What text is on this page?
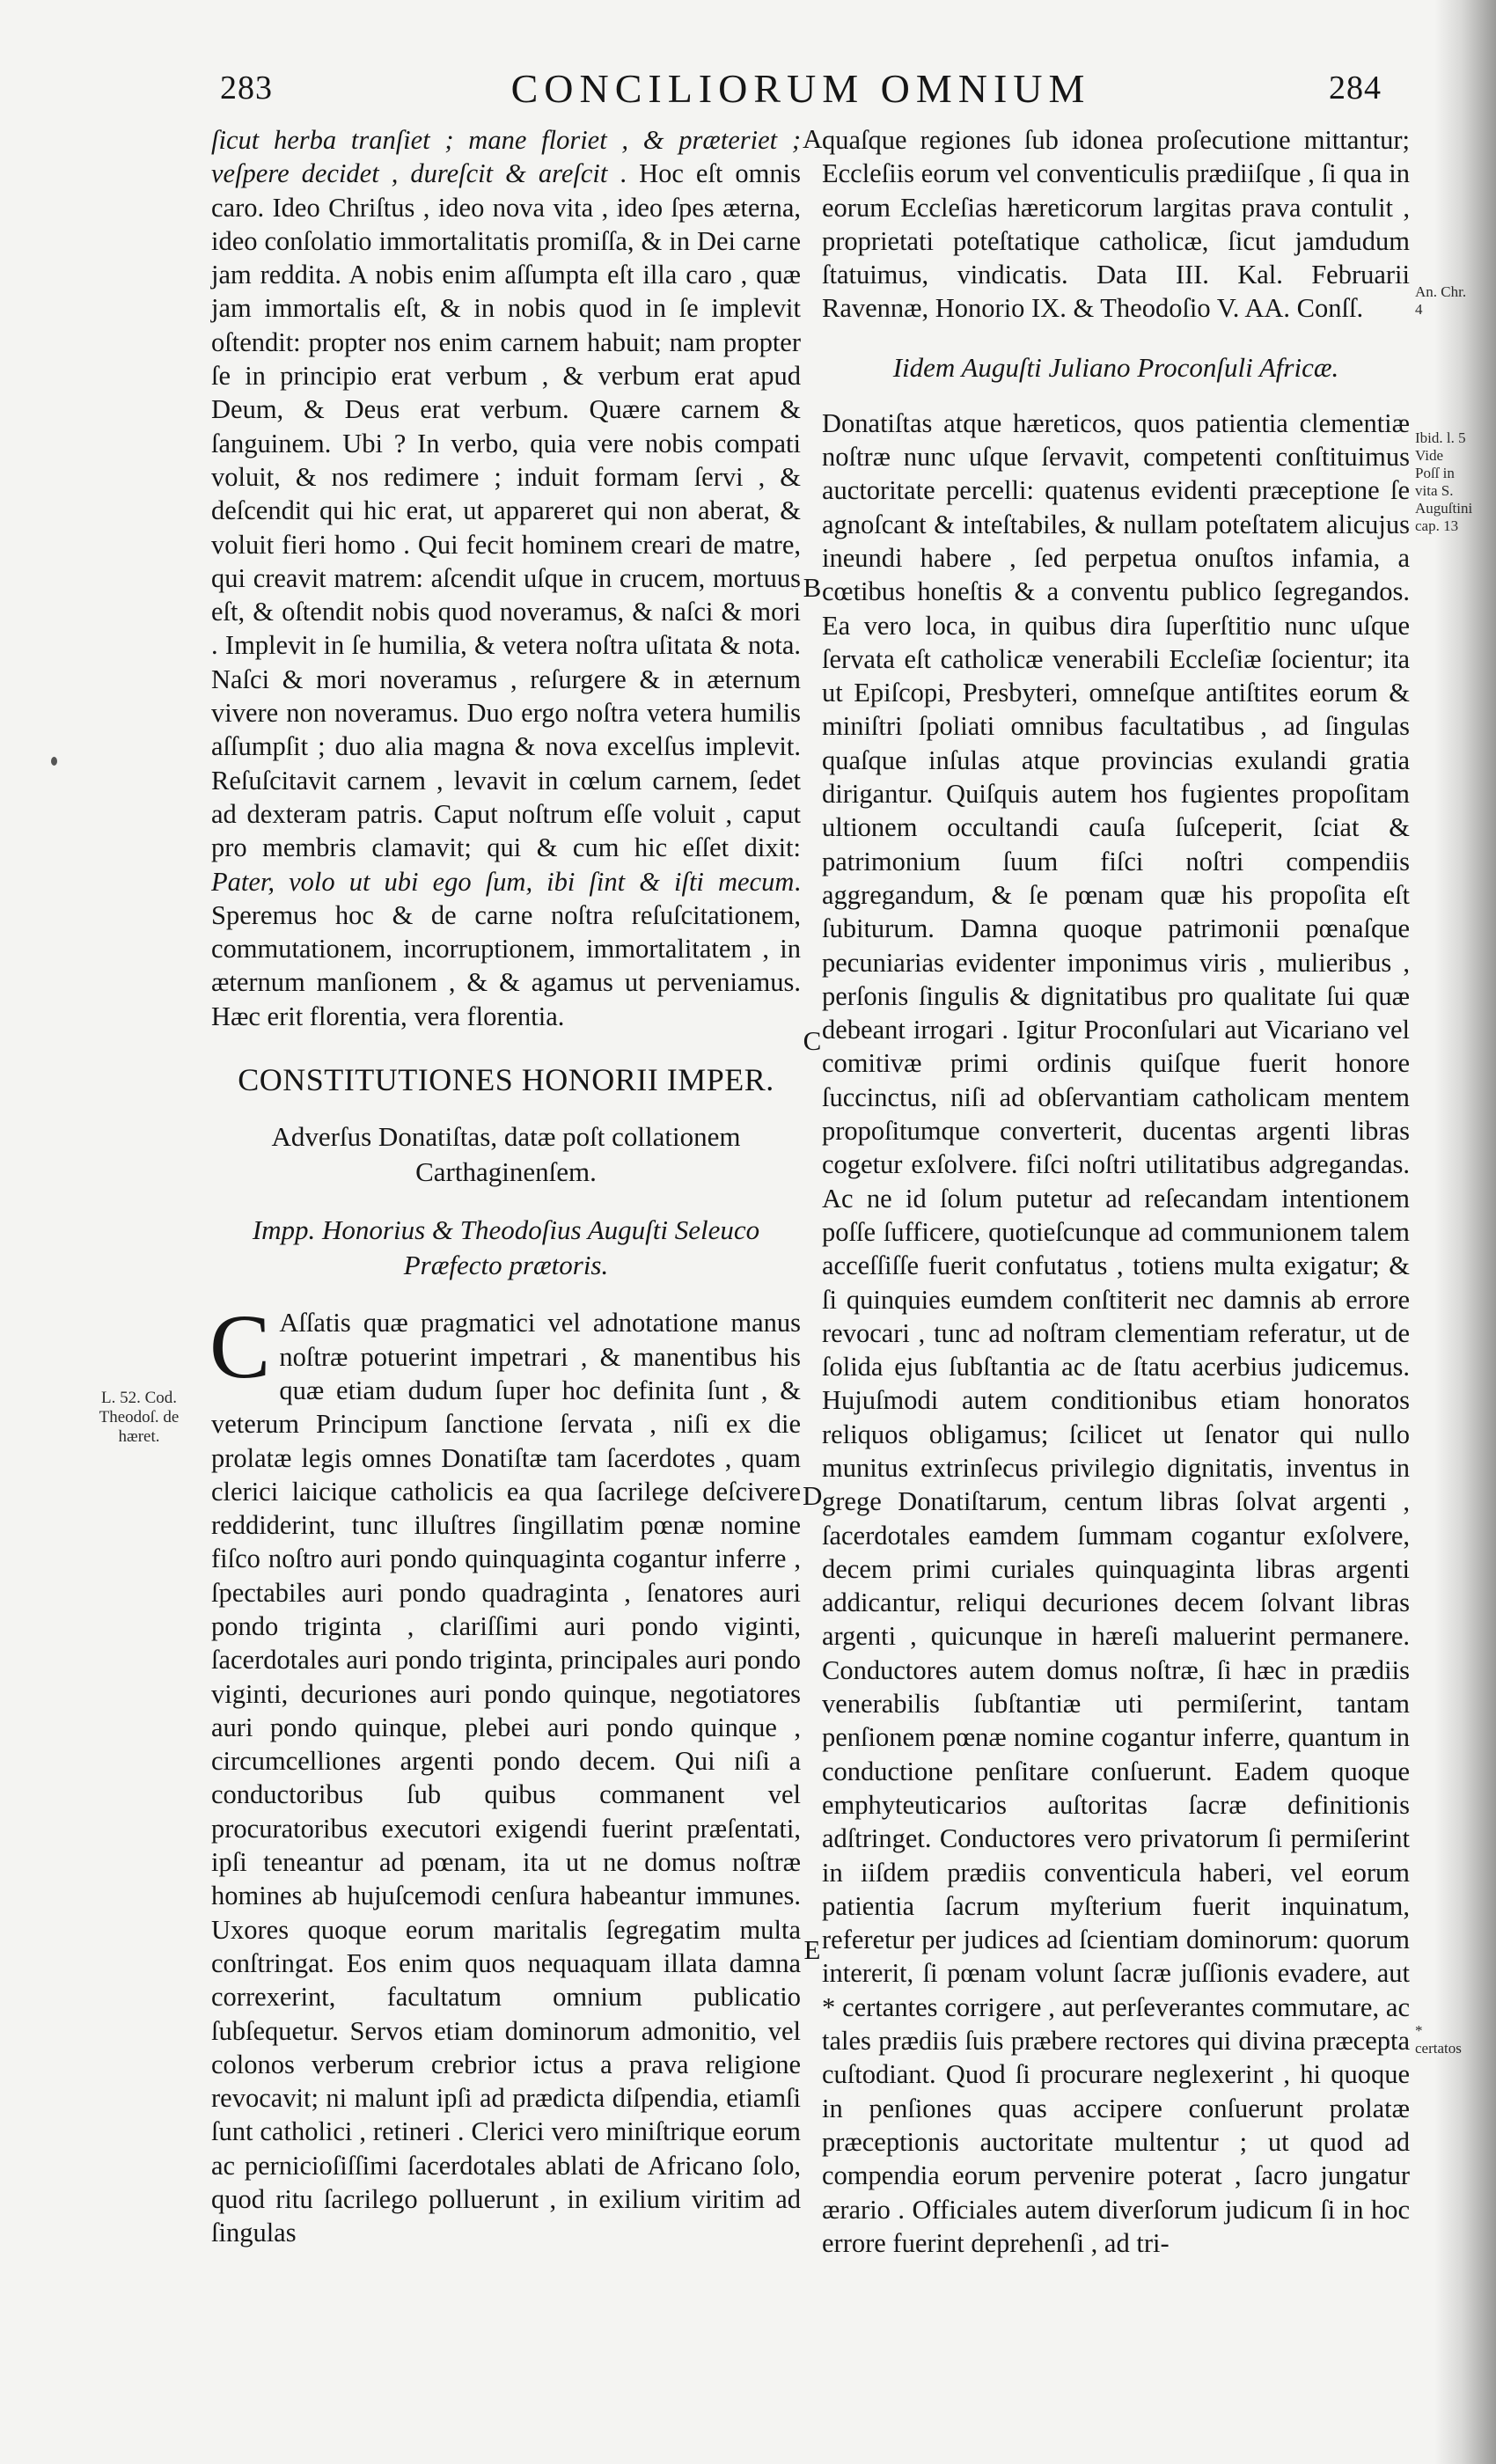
283	CONCILIORUM OMNIUM	284
A
B
C
D
E
L. 52. Cod. Theodoſ. de hæret.
An. Chr. 4
Ibid. l. 5 Vide Poſſ in vita S. Auguſtini cap. 13
* certatos

ſicut herba tranſiet ; mane floriet , & præteriet ; veſpere decidet , dureſcit & areſcit . Hoc eſt omnis caro. Ideo Chriſtus , ideo nova vita , ideo ſpes æterna, ideo conſolatio immortalitatis promiſſa, & in Dei carne jam reddita. A nobis enim aſſumpta eſt illa caro , quæ jam immortalis eſt, & in nobis quod in ſe implevit oſtendit: propter nos enim carnem habuit; nam propter ſe in principio erat verbum , & verbum erat apud Deum, & Deus erat verbum. Quære carnem & ſanguinem. Ubi ? In verbo, quia vere nobis compati voluit, & nos redimere ; induit formam ſervi , & deſcendit qui hic erat, ut appareret qui non aberat, & voluit fieri homo . Qui fecit hominem creari de matre, qui creavit matrem: aſcendit uſque in crucem, mortuus eſt, & oſtendit nobis quod noveramus, & naſci & mori . Implevit in ſe humilia, & vetera noſtra uſitata & nota. Naſci & mori noveramus , reſurgere & in æternum vivere non noveramus. Duo ergo noſtra vetera humilis aſſumpſit ; duo alia magna & nova excelſus implevit. Reſuſcitavit carnem , levavit in cœlum carnem, ſedet ad dexteram patris. Caput noſtrum eſſe voluit , caput pro membris clamavit; qui & cum hic eſſet dixit: Pater, volo ut ubi ego ſum, ibi ſint & iſti mecum. Speremus hoc & de carne noſtra reſuſcitationem, commutationem, incorruptionem, immortalitatem , in æternum manſionem , & & agamus ut perveniamus. Hæc erit florentia, vera florentia.

CONSTITUTIONES HONORII IMPER.
Adverſus Donatiſtas, datæ poſt collationem Carthaginenſem.
Impp. Honorius & Theodoſius Auguſti Seleuco Præfecto prætoris.

C Aſſatis quæ pragmatici vel adnotatione manus noſtræ potuerint impetrari , & manentibus his quæ etiam dudum ſuper hoc definita ſunt , & veterum Principum ſanctione ſervata , niſi ex die prolatæ legis omnes Donatiſtæ tam ſacerdotes , quam clerici laicique catholicis ea qua ſacrilege deſcivere reddiderint, tunc illuſtres ſingillatim pœnæ nomine fiſco noſtro auri pondo quinquaginta cogantur inferre , ſpectabiles auri pondo quadraginta , ſenatores auri pondo triginta , clariſſimi auri pondo viginti, ſacerdotales auri pondo triginta, principales auri pondo viginti, decuriones auri pondo quinque, negotiatores auri pondo quinque, plebei auri pondo quinque , circumcelliones argenti pondo decem. Qui niſi a conductoribus ſub quibus commanent vel procuratoribus executori exigendi fuerint præſentati, ipſi teneantur ad pœnam, ita ut ne domus noſtræ homines ab hujuſcemodi cenſura habeantur immunes. Uxores quoque eorum maritalis ſegregatim multa conſtringat. Eos enim quos nequaquam illata damna correxerint, facultatum omnium publicatio ſubſequetur. Servos etiam dominorum admonitio, vel colonos verberum crebrior ictus a prava religione revocavit; ni malunt ipſi ad prædicta diſpendia, etiamſi ſunt catholici , retineri . Clerici vero miniſtrique eorum ac pernicioſiſſimi ſacerdotales ablati de Africano ſolo, quod ritu ſacrilego polluerunt , in exilium viritim ad ſingulas

quaſque regiones ſub idonea proſecutione mittantur; Eccleſiis eorum vel conventiculis prædiiſque , ſi qua in eorum Eccleſias hæreticorum largitas prava contulit , proprietati poteſtatique catholicæ, ſicut jamdudum ſtatuimus, vindicatis. Data III. Kal. Februarii Ravennæ, Honorio IX. & Theodoſio V. AA. Conſſ.

Iidem Auguſti Juliano Proconſuli Africæ.

Donatiſtas atque hæreticos, quos patientia clementiæ noſtræ nunc uſque ſervavit, competenti conſtituimus auctoritate percelli: quatenus evidenti præceptione ſe agnoſcant & inteſtabiles, & nullam poteſtatem alicujus ineundi habere , ſed perpetua onuſtos infamia, a cœtibus honeſtis & a conventu publico ſegregandos. Ea vero loca, in quibus dira ſuperſtitio nunc uſque ſervata eſt catholicæ venerabili Eccleſiæ ſocientur; ita ut Epiſcopi, Presbyteri, omneſque antiſtites eorum & miniſtri ſpoliati omnibus facultatibus , ad ſingulas quaſque inſulas atque provincias exulandi gratia dirigantur. Quiſquis autem hos fugientes propoſitam ultionem occultandi cauſa ſuſceperit, ſciat & patrimonium ſuum fiſci noſtri compendiis aggregandum, & ſe pœnam quæ his propoſita eſt ſubiturum. Damna quoque patrimonii pœnaſque pecuniarias evidenter imponimus viris , mulieribus , perſonis ſingulis & dignitatibus pro qualitate ſui quæ debeant irrogari . Igitur Proconſulari aut Vicariano vel comitivæ primi ordinis quiſque fuerit honore ſuccinctus, niſi ad obſervantiam catholicam mentem propoſitumque converterit, ducentas argenti libras cogetur exſolvere. fiſci noſtri utilitatibus adgregandas. Ac ne id ſolum putetur ad reſecandam intentionem poſſe ſufficere, quotieſcunque ad communionem talem acceſſiſſe fuerit confutatus , totiens multa exigatur; & ſi quinquies eumdem conſtiterit nec damnis ab errore revocari , tunc ad noſtram clementiam referatur, ut de ſolida ejus ſubſtantia ac de ſtatu acerbius judicemus. Hujuſmodi autem conditionibus etiam honoratos reliquos obligamus; ſcilicet ut ſenator qui nullo munitus extrinſecus privilegio dignitatis, inventus in grege Donatiſtarum, centum libras ſolvat argenti , ſacerdotales eamdem ſummam cogantur exſolvere, decem primi curiales quinquaginta libras argenti addicantur, reliqui decuriones decem ſolvant libras argenti , quicunque in hæreſi maluerint permanere. Conductores autem domus noſtræ, ſi hæc in prædiis venerabilis ſubſtantiæ uti permiſerint, tantam penſionem pœnæ nomine cogantur inferre, quantum in conductione penſitare conſuerunt. Eadem quoque emphyteuticarios auſtoritas ſacræ definitionis adſtringet. Conductores vero privatorum ſi permiſerint in iiſdem prædiis conventicula haberi, vel eorum patientia ſacrum myſterium fuerit inquinatum, referetur per judices ad ſcientiam dominorum: quorum intererit, ſi pœnam volunt ſacræ juſſionis evadere, aut * certantes corrigere , aut perſeverantes commutare, ac tales prædiis ſuis præbere rectores qui divina præcepta cuſtodiant. Quod ſi procurare neglexerint , hi quoque in penſiones quas accipere conſuerunt prolatæ præceptionis auctoritate multentur ; ut quod ad compendia eorum pervenire poterat , ſacro jungatur ærario . Officiales autem diverſorum judicum ſi in hoc errore fuerint deprehenſi , ad tri-
